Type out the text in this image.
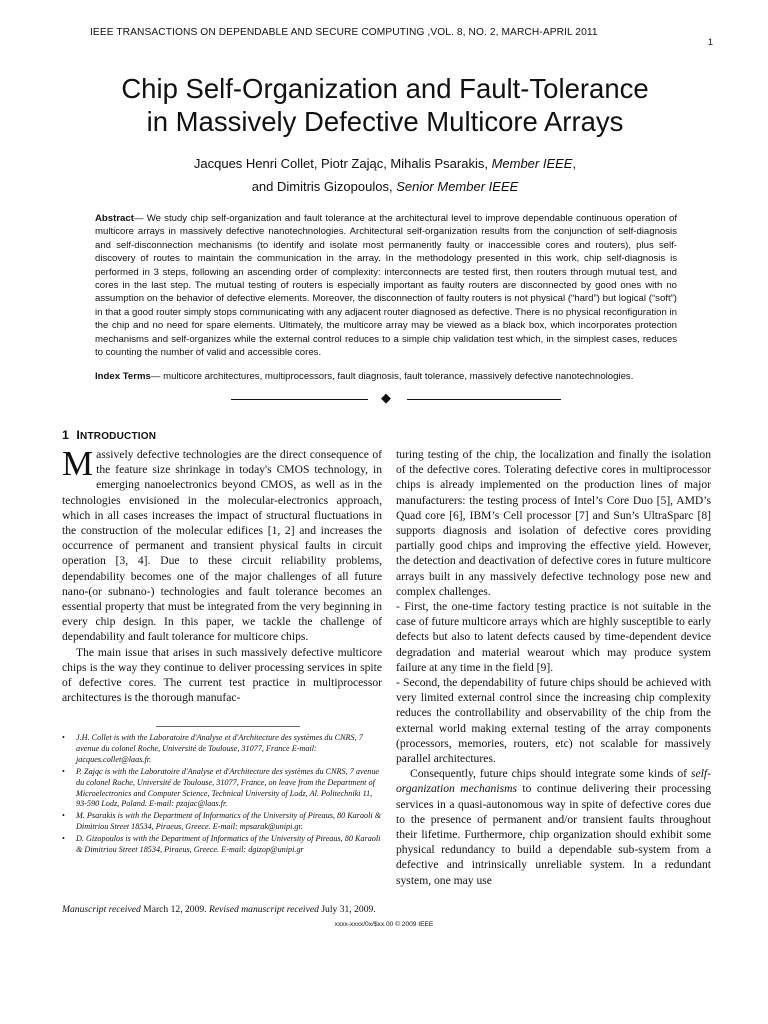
IEEE TRANSACTIONS ON DEPENDABLE AND SECURE COMPUTING ,VOL. 8, NO. 2, MARCH-APRIL 2011
1
Chip Self-Organization and Fault-Tolerance
in Massively Defective Multicore Arrays
Jacques Henri Collet, Piotr Zając, Mihalis Psarakis, Member IEEE,
and Dimitris Gizopoulos, Senior Member IEEE
Abstract— We study chip self-organization and fault tolerance at the architectural level to improve dependable continuous operation of multicore arrays in massively defective nanotechnologies. Architectural self-organization results from the conjunction of self-diagnosis and self-disconnection mechanisms (to identify and isolate most permanently faulty or inaccessible cores and routers), plus self-discovery of routes to maintain the communication in the array. In the methodology presented in this work, chip self-diagnosis is performed in 3 steps, following an ascending order of complexity: interconnects are tested first, then routers through mutual test, and cores in the last step. The mutual testing of routers is especially important as faulty routers are disconnected by good ones with no assumption on the behavior of defective elements. Moreover, the disconnection of faulty routers is not physical (“hard”) but logical (“soft”) in that a good router simply stops communicating with any adjacent router diagnosed as defective. There is no physical reconfiguration in the chip and no need for spare elements. Ultimately, the multicore array may be viewed as a black box, which incorporates protection mechanisms and self-organizes while the external control reduces to a simple chip validation test which, in the simplest cases, reduces to counting the number of valid and accessible cores.
Index Terms— multicore architectures, multiprocessors, fault diagnosis, fault tolerance, massively defective nanotechnologies.
◆
1 INTRODUCTION

Massively defective technologies are the direct consequence of the feature size shrinkage in today's CMOS technology, in emerging nanoelectronics beyond CMOS, as well as in the technologies envisioned in the molecular-electronics approach, which in all cases increases the impact of structural fluctuations in the construction of the molecular edifices [1, 2] and increases the occurrence of permanent and transient physical faults in circuit operation [3, 4]. Due to these circuit reliability problems, dependability becomes one of the major challenges of all future nano-(or subnano-) technologies and fault tolerance becomes an essential property that must be integrated from the very beginning in every chip design. In this paper, we tackle the challenge of dependability and fault tolerance for multicore chips.

The main issue that arises in such massively defective multicore chips is the way they continue to deliver processing services in spite of defective cores. The current test practice in multiprocessor architectures is the thorough manufac-

turing testing of the chip, the localization and finally the isolation of the defective cores. Tolerating defective cores in multiprocessor chips is already implemented on the production lines of major manufacturers: the testing process of Intel’s Core Duo [5], AMD’s Quad core [6], IBM’s Cell processor [7] and Sun’s UltraSparc [8] supports diagnosis and isolation of defective cores providing partially good chips and improving the effective yield. However, the detection and deactivation of defective cores in future multicore arrays built in any massively defective technology pose new and complex challenges.

- First, the one-time factory testing practice is not suitable in the case of future multicore arrays which are highly susceptible to early defects but also to latent defects caused by time-dependent device degradation and material wearout which may produce system failure at any time in the field [9].

- Second, the dependability of future chips should be achieved with very limited external control since the increasing chip complexity reduces the controllability and observability of the chip from the external world making external testing of the array components (processors, memories, routers, etc) not scalable for massively parallel architectures.

Consequently, future chips should integrate some kinds of self-organization mechanisms to continue delivering their processing services in a quasi-autonomous way in spite of defective cores due to the presence of permanent and/or transient faults throughout their lifetime. Furthermore, chip organization should exhibit some physical redundancy to build a dependable sub-system from a defective and intrinsically unreliable system. In a redundant system, one may use

• J.H. Collet is with the Laboratoire d'Analyse et d'Architecture des systèmes du CNRS, 7 avenue du colonel Roche, Université de Toulouse, 31077, France E-mail: jacques.collet@laas.fr.
• P. Zając is with the Laboratoire d'Analyse et d'Architecture des systèmes du CNRS, 7 avenue du colonel Roche, Université de Toulouse, 31077, France, on leave from the Department of Microelectronics and Computer Science, Technical University of Lodz, Al. Politechniki 11, 93-590 Lodz, Poland. E-mail: pzajac@laas.fr.
• M. Psarakis is with the Department of Informatics of the University of Pireaus, 80 Karaoli & Dimitriou Street 18534, Piraeus, Greece. E-mail: mpsarak@unipi.gr.
• D. Gizopoulos is with the Department of Informatics of the University of Pireaus, 80 Karaoli & Dimitriou Street 18534, Piraeus, Greece. E-mail: dgizop@unipi.gr
Manuscript received March 12, 2009. Revised manuscript received July 31, 2009.
xxxx-xxxx/0x/$xx.00 © 2009 IEEE
